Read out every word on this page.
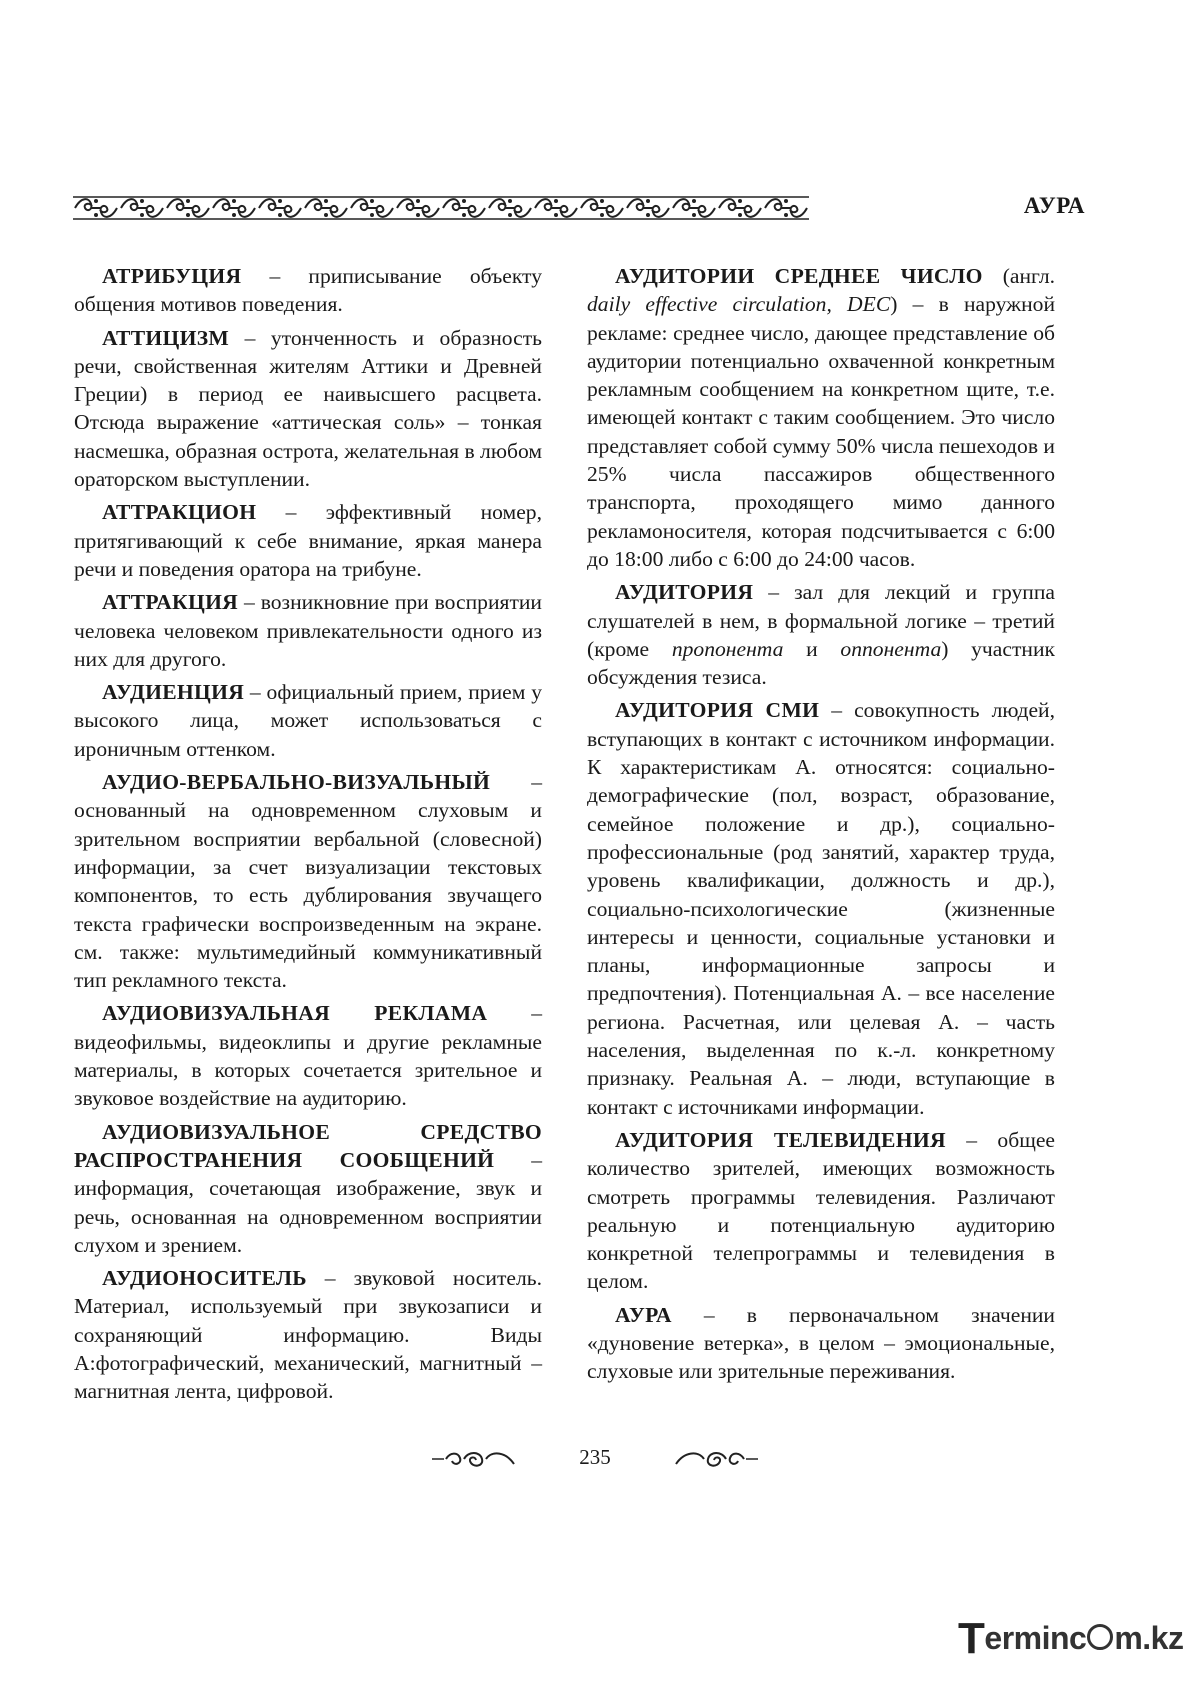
АУРА

АТРИБУЦИЯ – приписывание объекту общения мотивов поведения.

АТТИЦИЗМ – утонченность и образность речи, свойственная жителям Аттики и Древней Греции) в период ее наивысшего расцвета. Отсюда выражение «аттическая соль» – тонкая насмешка, образная острота, желательная в любом ораторском выступлении.

АТТРАКЦИОН – эффективный номер, притягивающий к себе внимание, яркая манера речи и поведения оратора на трибуне.

АТТРАКЦИЯ – возникновние при восприятии человека человеком привлекательности одного из них для другого.

АУДИЕНЦИЯ – официальный прием, прием у высокого лица, может использоваться с ироничным оттенком.

АУДИО-ВЕРБАЛЬНО-ВИЗУАЛЬНЫЙ – основанный на одновременном слуховым и зрительном восприятии вербальной (словесной) информации, за счет визуализации текстовых компонентов, то есть дублирования звучащего текста графически воспроизведенным на экране. см. также: мультимедийный коммуникативный тип рекламного текста.

АУДИОВИЗУАЛЬНАЯ РЕКЛАМА – видеофильмы, видеоклипы и другие рекламные материалы, в которых сочетается зрительное и звуковое воздействие на аудиторию.

АУДИОВИЗУАЛЬНОЕ СРЕДСТВО РАСПРОСТРАНЕНИЯ СООБЩЕНИЙ – информация, сочетающая изображение, звук и речь, основанная на одновременном восприятии слухом и зрением.

АУДИОНОСИТЕЛЬ – звуковой носитель. Материал, используемый при звукозаписи и сохраняющий информацию. Виды А:фотографический, механический, магнитный – магнитная лента, цифровой.

АУДИТОРИИ СРЕДНЕЕ ЧИСЛО (англ. daily effective circulation, DEC) – в наружной рекламе: среднее число, дающее представление об аудитории потенциально охваченной конкретным рекламным сообщением на конкретном щите, т.е. имеющей контакт с таким сообщением. Это число представляет собой сумму 50% числа пешеходов и 25% числа пассажиров общественного транспорта, проходящего мимо данного рекламоносителя, которая подсчитывается с 6:00 до 18:00 либо с 6:00 до 24:00 часов.

АУДИТОРИЯ – зал для лекций и группа слушателей в нем, в формальной логике – третий (кроме пропонента и оппонента) участник обсуждения тезиса.

АУДИТОРИЯ СМИ – совокупность людей, вступающих в контакт с источником информации. К характеристикам А. относятся: социально-демографические (пол, возраст, образование, семейное положение и др.), социально-профессиональные (род занятий, характер труда, уровень квалификации, должность и др.), социально-психологические (жизненные интересы и ценности, социальные установки и планы, информационные запросы и предпочтения). Потенциальная А. – все население региона. Расчетная, или целевая А. – часть населения, выделенная по к.-л. конкретному признаку. Реальная А. – люди, вступающие в контакт с источниками информации.

АУДИТОРИЯ ТЕЛЕВИДЕНИЯ – общее количество зрителей, имеющих возможность смотреть программы телевидения. Различают реальную и потенциальную аудиторию конкретной телепрограммы и телевидения в целом.

АУРА – в первоначальном значении «дуновение ветерка», в целом – эмоциональные, слуховые или зрительные переживания.

235
Terminc m.kz
